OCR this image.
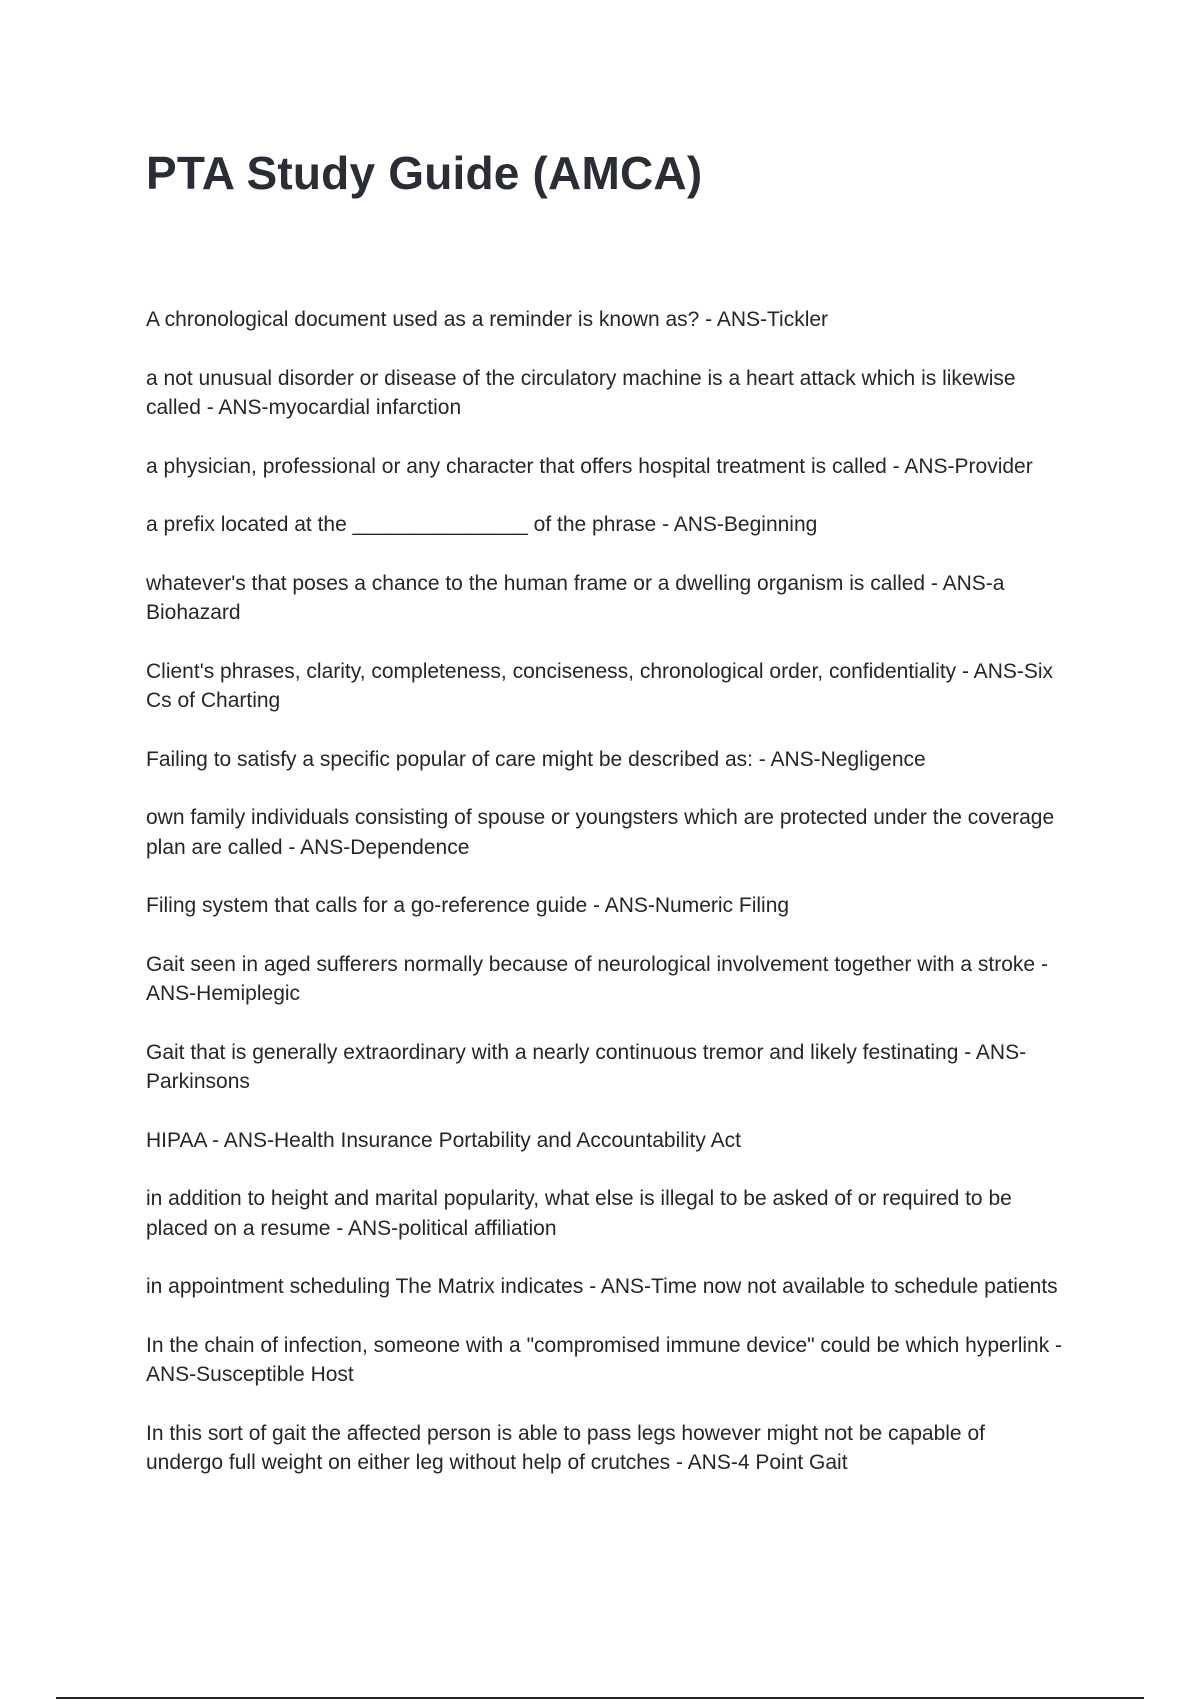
PTA Study Guide (AMCA)
A chronological document used as a reminder is known as? - ANS-Tickler
a not unusual disorder or disease of the circulatory machine is a heart attack which is likewise called - ANS-myocardial infarction
a physician, professional or any character that offers hospital treatment is called - ANS-Provider
a prefix located at the _______________ of the phrase - ANS-Beginning
whatever's that poses a chance to the human frame or a dwelling organism is called - ANS-a Biohazard
Client's phrases, clarity, completeness, conciseness, chronological order, confidentiality - ANS-Six Cs of Charting
Failing to satisfy a specific popular of care might be described as: - ANS-Negligence
own family individuals consisting of spouse or youngsters which are protected under the coverage plan are called - ANS-Dependence
Filing system that calls for a go-reference guide - ANS-Numeric Filing
Gait seen in aged sufferers normally because of neurological involvement together with a stroke - ANS-Hemiplegic
Gait that is generally extraordinary with a nearly continuous tremor and likely festinating - ANS-Parkinsons
HIPAA - ANS-Health Insurance Portability and Accountability Act
in addition to height and marital popularity, what else is illegal to be asked of or required to be placed on a resume - ANS-political affiliation
in appointment scheduling The Matrix indicates - ANS-Time now not available to schedule patients
In the chain of infection, someone with a "compromised immune device" could be which hyperlink - ANS-Susceptible Host
In this sort of gait the affected person is able to pass legs however might not be capable of undergo full weight on either leg without help of crutches - ANS-4 Point Gait
